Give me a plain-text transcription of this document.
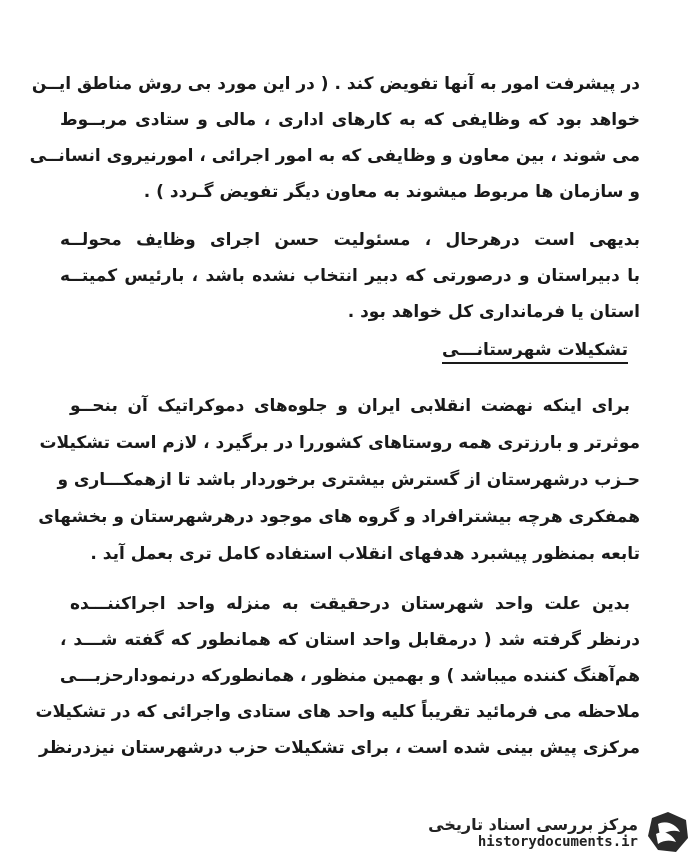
در پیشرفت امور به آنها تفویض کند . ( در این مورد بی روش مناطق ایــن
خواهد بود که وظایفی که به کارهای اداری ، مالی و ستادی مربــوط
می شوند ، بین معاون و وظایفی که به امور اجرائی ، امورنیروی انسانــی
و سازمان ها مربوط میشوند به معاون دیگر تفویض گـردد ) .
بدیهی است درهرحال ، مسئولیت حسن اجرای وظایف محولــه
با دبیراستان و درصورتی که دبیر انتخاب نشده باشد ، بارئیس کمیتــه
استان یا فرمانداری کل خواهد بود .
تشکیلات شهرستانـــی
برای اینکه نهضت انقلابی ایران و جلوه‌های دموکراتیک آن بنحــو
موثرتر و بارزتری همه روستاهای کشوررا در برگیرد ، لازم است تشکیلات
حـزب درشهرستان از گسترش بیشتری برخوردار باشد تا ازهمکـــاری و
همفکری هرچه بیشترافراد و گروه های موجود درهرشهرستان و بخشهای
تابعه بمنظور پیشبرد هدفهای انقلاب استفاده کامل تری بعمل آید .
بدین علت واحد شهرستان درحقیقت به منزله واحد اجراکننـــده
درنظر گرفته شد ( درمقابل واحد استان که همانطور که گفته شـــد ،
هم‌آهنگ کننده میباشد ) و بهمین منظور ، همانطورکه درنمودارحزبـــی
ملاحظه می فرمائید تقریباً کلیه واحد های ستادی واجرائی که در تشکیلات
مرکزی پیش بینی شده است ، برای تشکیلات حزب درشهرستان نیزدرنظر
مرکز بررسی اسناد تاریخی
historydocuments.ir
